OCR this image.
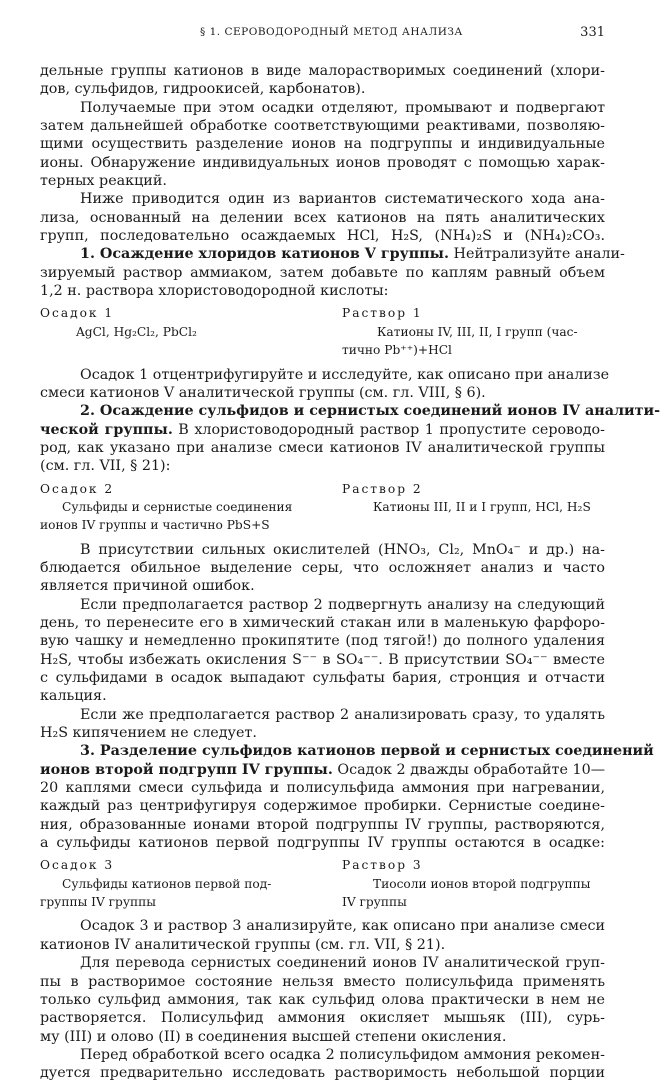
§ 1. СЕРОВОДОРОДНЫЙ МЕТОД АНАЛИЗА	331
дельные группы катионов в виде малорастворимых соединений (хлори-
дов, сульфидов, гидроокисей, карбонатов).
Получаемые при этом осадки отделяют, промывают и подвергают
затем дальнейшей обработке соответствующими реактивами, позволяю-
щими осуществить разделение ионов на подгруппы и индивидуальные
ионы. Обнаружение индивидуальных ионов проводят с помощью харак-
терных реакций.
Ниже приводится один из вариантов систематического хода ана-
лиза, основанный на делении всех катионов на пять аналитических
групп, последовательно осаждаемых HCl, H₂S, (NH₄)₂S и (NH₄)₂CO₃.
1. Осаждение хлоридов катионов V группы. Нейтрализуйте анали-
зируемый раствор аммиаком, затем добавьте по каплям равный объем
1,2 н. раствора хлористоводородной кислоты:
Осадок 1	Раствор 1
AgCl, Hg₂Cl₂, PbCl₂	Катионы IV, III, II, I групп (час-
тично Pb⁺⁺)+HCl
Осадок 1 отцентрифугируйте и исследуйте, как описано при анализе
смеси катионов V аналитической группы (см. гл. VIII, § 6).
2. Осаждение сульфидов и сернистых соединений ионов IV аналити-
ческой группы. В хлористоводородный раствор 1 пропустите сероводо-
род, как указано при анализе смеси катионов IV аналитической группы
(см. гл. VII, § 21):
Осадок 2	Раствор 2
Сульфиды и сернистые соединения	Катионы III, II и I групп, HCl, H₂S
ионов IV группы и частично PbS+S
В присутствии сильных окислителей (HNO₃, Cl₂, MnO₄⁻ и др.) на-
блюдается обильное выделение серы, что осложняет анализ и часто
является причиной ошибок.
Если предполагается раствор 2 подвергнуть анализу на следующий
день, то перенесите его в химический стакан или в маленькую фарфоро-
вую чашку и немедленно прокипятите (под тягой!) до полного удаления
H₂S, чтобы избежать окисления S⁻⁻ в SO₄⁻⁻. В присутствии SO₄⁻⁻ вместе
с сульфидами в осадок выпадают сульфаты бария, стронция и отчасти
кальция.
Если же предполагается раствор 2 анализировать сразу, то удалять
H₂S кипячением не следует.
3. Разделение сульфидов катионов первой и сернистых соединений
ионов второй подгрупп IV группы. Осадок 2 дважды обработайте 10—
20 каплями смеси сульфида и полисульфида аммония при нагревании,
каждый раз центрифугируя содержимое пробирки. Сернистые соедине-
ния, образованные ионами второй подгруппы IV группы, растворяются,
а сульфиды катионов первой подгруппы IV группы остаются в осадке:
Осадок 3	Раствор 3
Сульфиды катионов первой под-	Тиосоли ионов второй подгруппы
группы IV группы	IV группы
Осадок 3 и раствор 3 анализируйте, как описано при анализе смеси
катионов IV аналитической группы (см. гл. VII, § 21).
Для перевода сернистых соединений ионов IV аналитической груп-
пы в растворимое состояние нельзя вместо полисульфида применять
только сульфид аммония, так как сульфид олова практически в нем не
растворяется. Полисульфид аммония окисляет мышьяк (III), сурь-
му (III) и олово (II) в соединения высшей степени окисления.
Перед обработкой всего осадка 2 полисульфидом аммония рекомен-
дуется предварительно исследовать растворимость небольшой порции
